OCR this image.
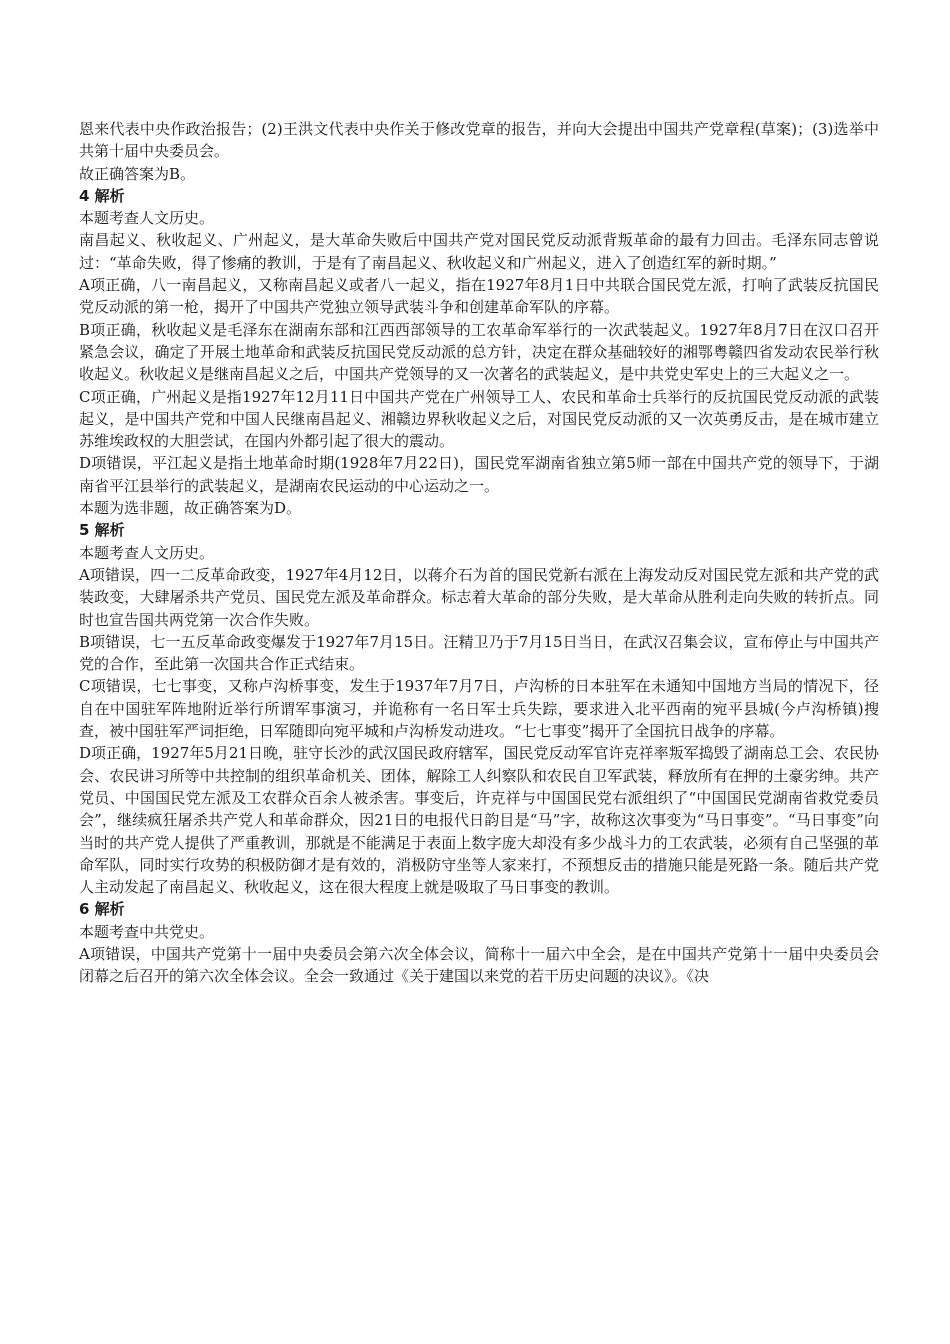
恩来代表中央作政治报告；(2)王洪文代表中央作关于修改党章的报告，并向大会提出中国共产党章程(草案)；(3)选举中共第十届中央委员会。

故正确答案为B。

4 解析

本题考查人文历史。

南昌起义、秋收起义、广州起义，是大革命失败后中国共产党对国民党反动派背叛革命的最有力回击。毛泽东同志曾说过：“革命失败，得了惨痛的教训，于是有了南昌起义、秋收起义和广州起义，进入了创造红军的新时期。”

A项正确，八一南昌起义，又称南昌起义或者八一起义，指在1927年8月1日中共联合国民党左派，打响了武装反抗国民党反动派的第一枪，揭开了中国共产党独立领导武装斗争和创建革命军队的序幕。

B项正确，秋收起义是毛泽东在湖南东部和江西西部领导的工农革命军举行的一次武装起义。1927年8月7日在汉口召开紧急会议，确定了开展土地革命和武装反抗国民党反动派的总方针，决定在群众基础较好的湘鄂粤赣四省发动农民举行秋收起义。秋收起义是继南昌起义之后，中国共产党领导的又一次著名的武装起义，是中共党史军史上的三大起义之一。

C项正确，广州起义是指1927年12月11日中国共产党在广州领导工人、农民和革命士兵举行的反抗国民党反动派的武装起义，是中国共产党和中国人民继南昌起义、湘赣边界秋收起义之后，对国民党反动派的又一次英勇反击，是在城市建立苏维埃政权的大胆尝试，在国内外都引起了很大的震动。

D项错误，平江起义是指土地革命时期(1928年7月22日)，国民党军湖南省独立第5师一部在中国共产党的领导下，于湖南省平江县举行的武装起义，是湖南农民运动的中心运动之一。

本题为选非题，故正确答案为D。

5 解析

本题考查人文历史。

A项错误，四一二反革命政变，1927年4月12日，以蒋介石为首的国民党新右派在上海发动反对国民党左派和共产党的武装政变，大肆屠杀共产党员、国民党左派及革命群众。标志着大革命的部分失败，是大革命从胜利走向失败的转折点。同时也宣告国共两党第一次合作失败。

B项错误，七一五反革命政变爆发于1927年7月15日。汪精卫乃于7月15日当日，在武汉召集会议，宣布停止与中国共产党的合作，至此第一次国共合作正式结束。

C项错误，七七事变，又称卢沟桥事变，发生于1937年7月7日，卢沟桥的日本驻军在未通知中国地方当局的情况下，径自在中国驻军阵地附近举行所谓军事演习，并诡称有一名日军士兵失踪，要求进入北平西南的宛平县城(今卢沟桥镇)搜查，被中国驻军严词拒绝，日军随即向宛平城和卢沟桥发动进攻。“七七事变”揭开了全国抗日战争的序幕。

D项正确，1927年5月21日晚，驻守长沙的武汉国民政府辖军，国民党反动军官许克祥率叛军捣毁了湖南总工会、农民协会、农民讲习所等中共控制的组织革命机关、团体，解除工人纠察队和农民自卫军武装，释放所有在押的土豪劣绅。共产党员、中国国民党左派及工农群众百余人被杀害。事变后，许克祥与中国国民党右派组织了“中国国民党湖南省救党委员会”，继续疯狂屠杀共产党人和革命群众，因21日的电报代日韵目是“马”字，故称这次事变为“马日事变”。“马日事变”向当时的共产党人提供了严重教训，那就是不能满足于表面上数字庞大却没有多少战斗力的工农武装，必须有自己坚强的革命军队，同时实行攻势的积极防御才是有效的，消极防守坐等人家来打，不预想反击的措施只能是死路一条。随后共产党人主动发起了南昌起义、秋收起义，这在很大程度上就是吸取了马日事变的教训。

6 解析

本题考查中共党史。

A项错误，中国共产党第十一届中央委员会第六次全体会议，简称十一届六中全会，是在中国共产党第十一届中央委员会闭幕之后召开的第六次全体会议。全会一致通过《关于建国以来党的若干历史问题的决议》。《决
